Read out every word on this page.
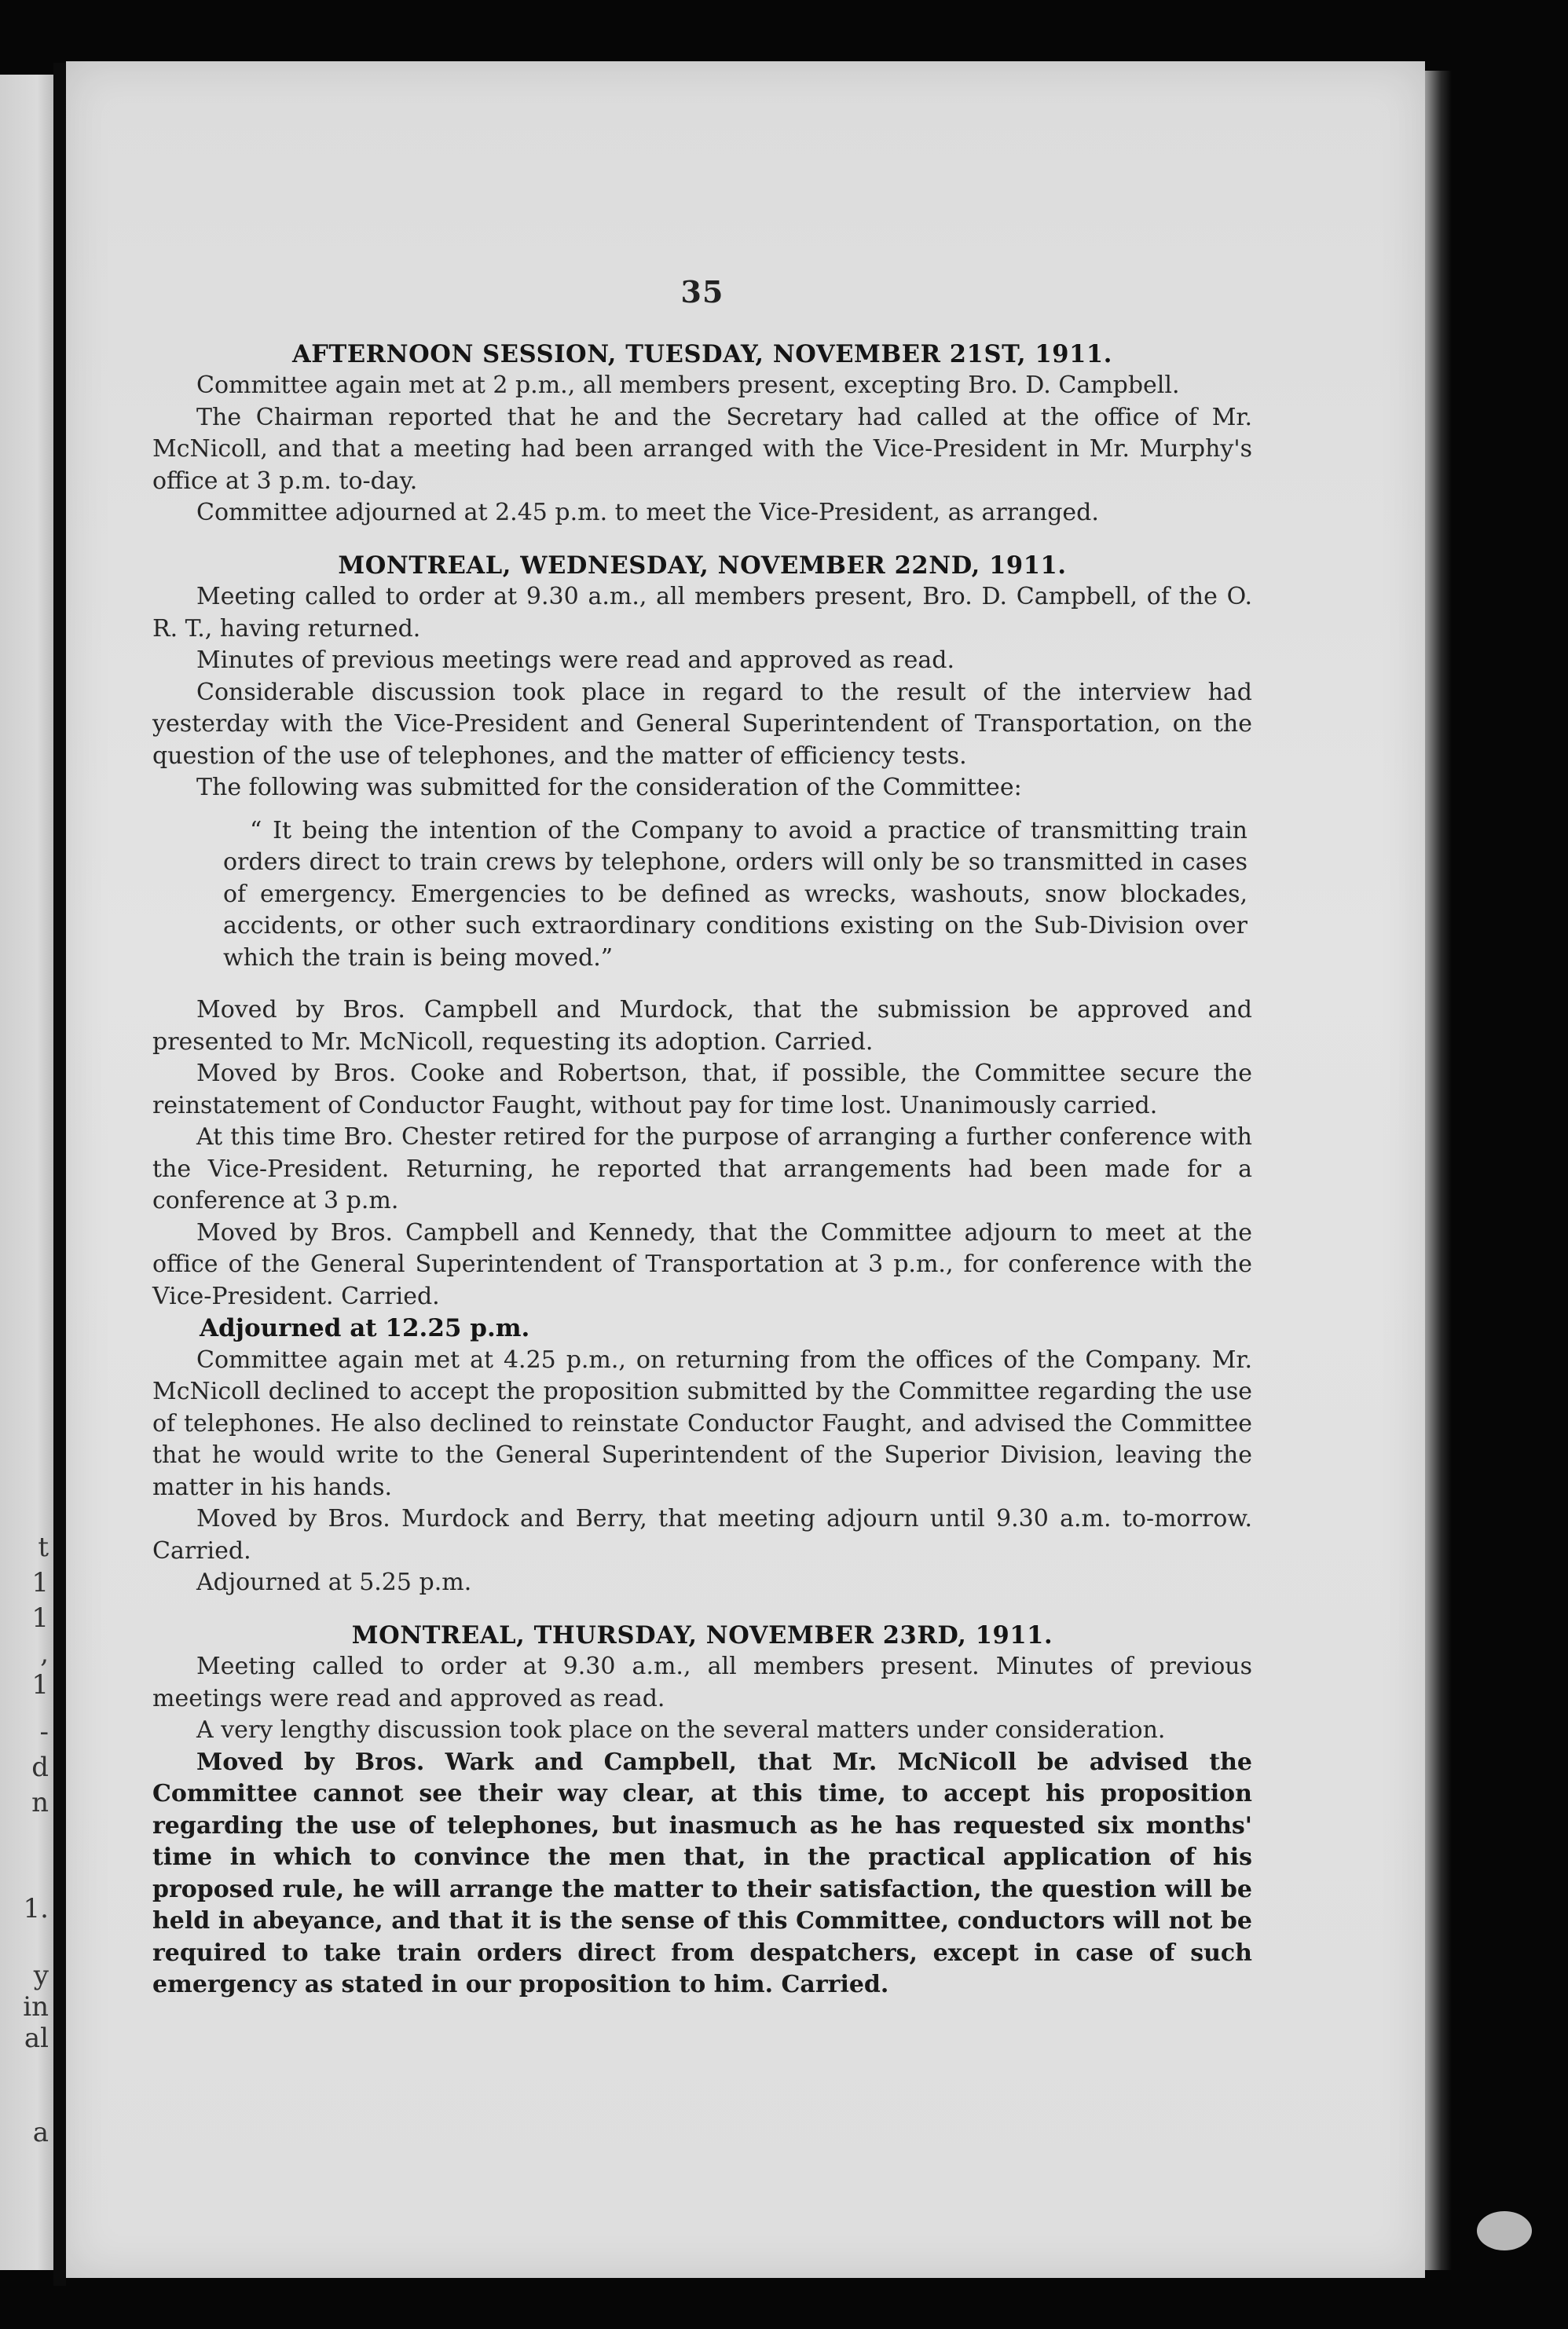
t
1
1
,
1
-
d
n
1.
y
in
al
a
35
AFTERNOON SESSION, TUESDAY, NOVEMBER 21ST, 1911.

Committee again met at 2 p.m., all members present, excepting Bro. D. Campbell.

The Chairman reported that he and the Secretary had called at the office of Mr. McNicoll, and that a meeting had been arranged with the Vice-President in Mr. Murphy's office at 3 p.m. to-day.

Committee adjourned at 2.45 p.m. to meet the Vice-President, as arranged.

MONTREAL, WEDNESDAY, NOVEMBER 22ND, 1911.

Meeting called to order at 9.30 a.m., all members present, Bro. D. Campbell, of the O. R. T., having returned.

Minutes of previous meetings were read and approved as read.

Considerable discussion took place in regard to the result of the interview had yesterday with the Vice-President and General Superintendent of Transportation, on the question of the use of telephones, and the matter of efficiency tests.

The following was submitted for the consideration of the Committee:

“ It being the intention of the Company to avoid a practice of transmitting train orders direct to train crews by telephone, orders will only be so transmitted in cases of emergency. Emergencies to be defined as wrecks, washouts, snow blockades, accidents, or other such extraordinary conditions existing on the Sub-Division over which the train is being moved.”

Moved by Bros. Campbell and Murdock, that the submission be approved and presented to Mr. McNicoll, requesting its adoption. Carried.

Moved by Bros. Cooke and Robertson, that, if possible, the Committee secure the reinstatement of Conductor Faught, without pay for time lost. Unanimously carried.

At this time Bro. Chester retired for the purpose of arranging a further conference with the Vice-President. Returning, he reported that arrangements had been made for a conference at 3 p.m.

Moved by Bros. Campbell and Kennedy, that the Committee adjourn to meet at the office of the General Superintendent of Transportation at 3 p.m., for conference with the Vice-President. Carried.

Adjourned at 12.25 p.m.

Committee again met at 4.25 p.m., on returning from the offices of the Company. Mr. McNicoll declined to accept the proposition submitted by the Committee regarding the use of telephones. He also declined to reinstate Conductor Faught, and advised the Committee that he would write to the General Superintendent of the Superior Division, leaving the matter in his hands.

Moved by Bros. Murdock and Berry, that meeting adjourn until 9.30 a.m. to-morrow. Carried.

Adjourned at 5.25 p.m.

MONTREAL, THURSDAY, NOVEMBER 23RD, 1911.

Meeting called to order at 9.30 a.m., all members present. Minutes of previous meetings were read and approved as read.

A very lengthy discussion took place on the several matters under consideration.

Moved by Bros. Wark and Campbell, that Mr. McNicoll be advised the Committee cannot see their way clear, at this time, to accept his proposition regarding the use of telephones, but inasmuch as he has requested six months' time in which to convince the men that, in the practical application of his proposed rule, he will arrange the matter to their satisfaction, the question will be held in abeyance, and that it is the sense of this Committee, conductors will not be required to take train orders direct from despatchers, except in case of such emergency as stated in our proposition to him. Carried.
